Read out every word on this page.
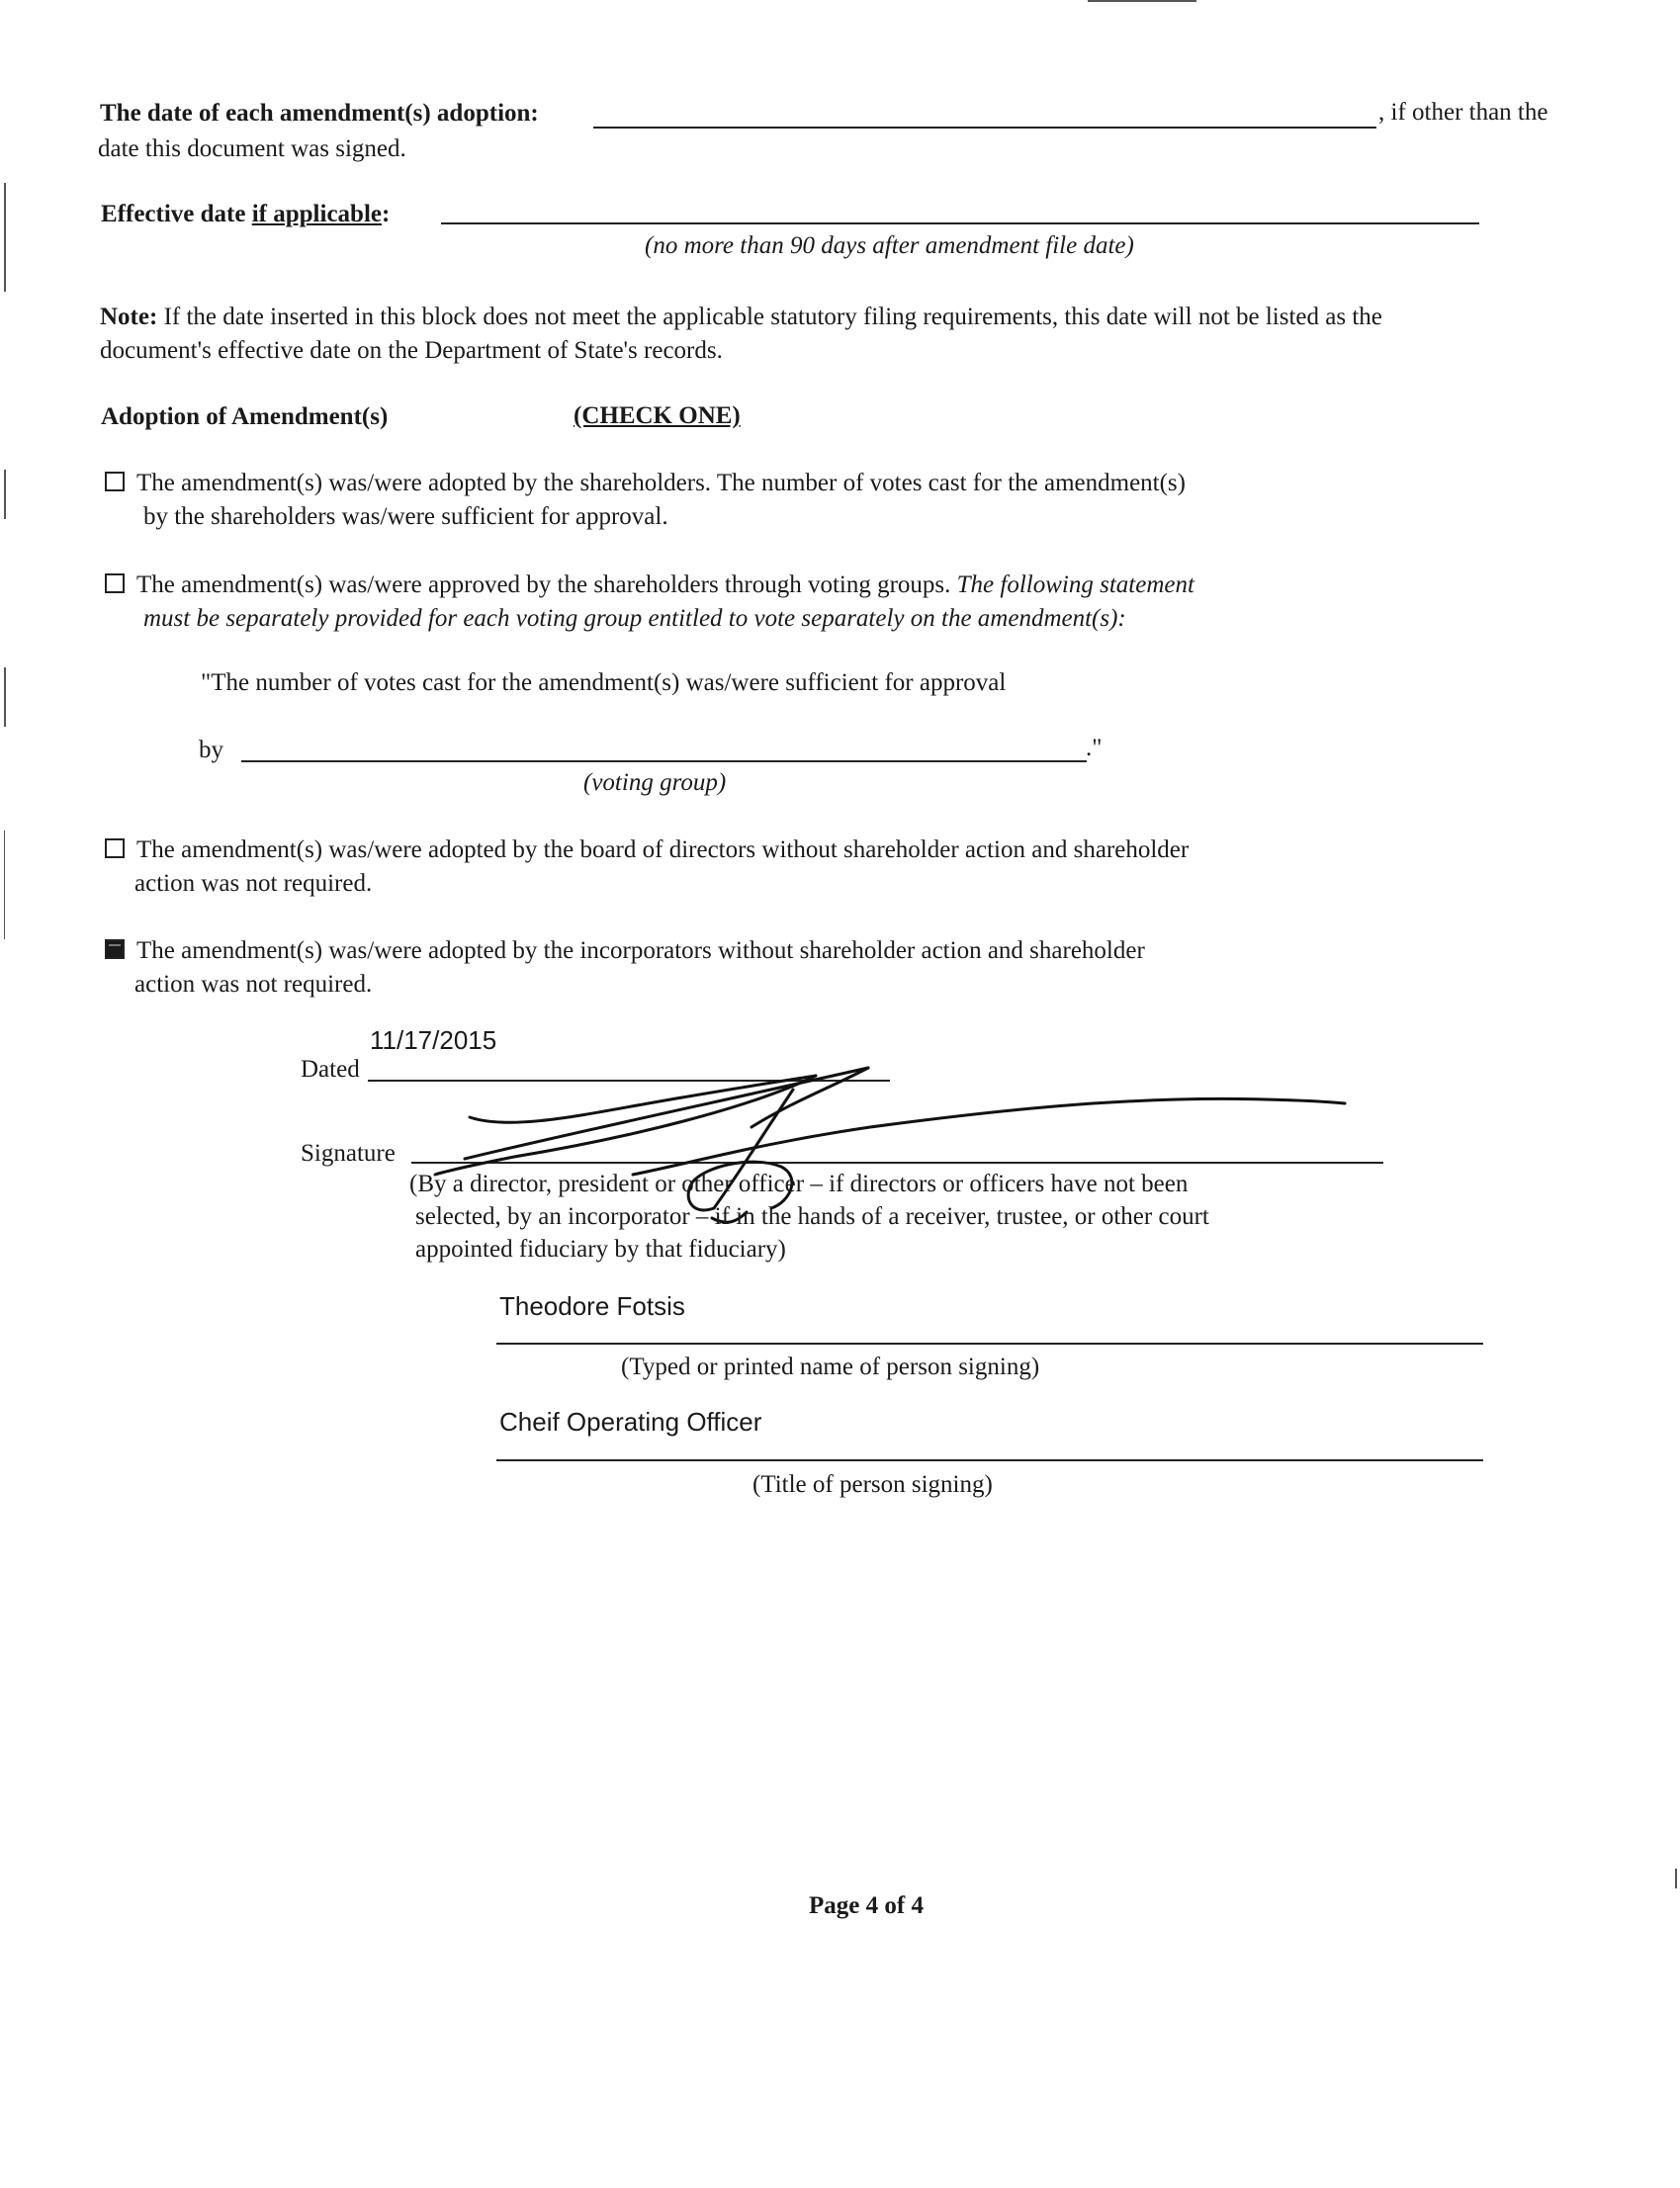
The date of each amendment(s) adoption:	, if other than the
date this document was signed.
Effective date if applicable:
(no more than 90 days after amendment file date)
Note: If the date inserted in this block does not meet the applicable statutory filing requirements, this date will not be listed as the
document's effective date on the Department of State's records.
Adoption of Amendment(s)	(CHECK ONE)
The amendment(s) was/were adopted by the shareholders. The number of votes cast for the amendment(s)
by the shareholders was/were sufficient for approval.
The amendment(s) was/were approved by the shareholders through voting groups. The following statement
must be separately provided for each voting group entitled to vote separately on the amendment(s):
"The number of votes cast for the amendment(s) was/were sufficient for approval
by	."
(voting group)
The amendment(s) was/were adopted by the board of directors without shareholder action and shareholder
action was not required.
The amendment(s) was/were adopted by the incorporators without shareholder action and shareholder
action was not required.
11/17/2015
Dated
Signature
(By a director, president or other officer – if directors or officers have not been
selected, by an incorporator – if in the hands of a receiver, trustee, or other court
appointed fiduciary by that fiduciary)
Theodore Fotsis
(Typed or printed name of person signing)
Cheif Operating Officer
(Title of person signing)
Page 4 of 4
